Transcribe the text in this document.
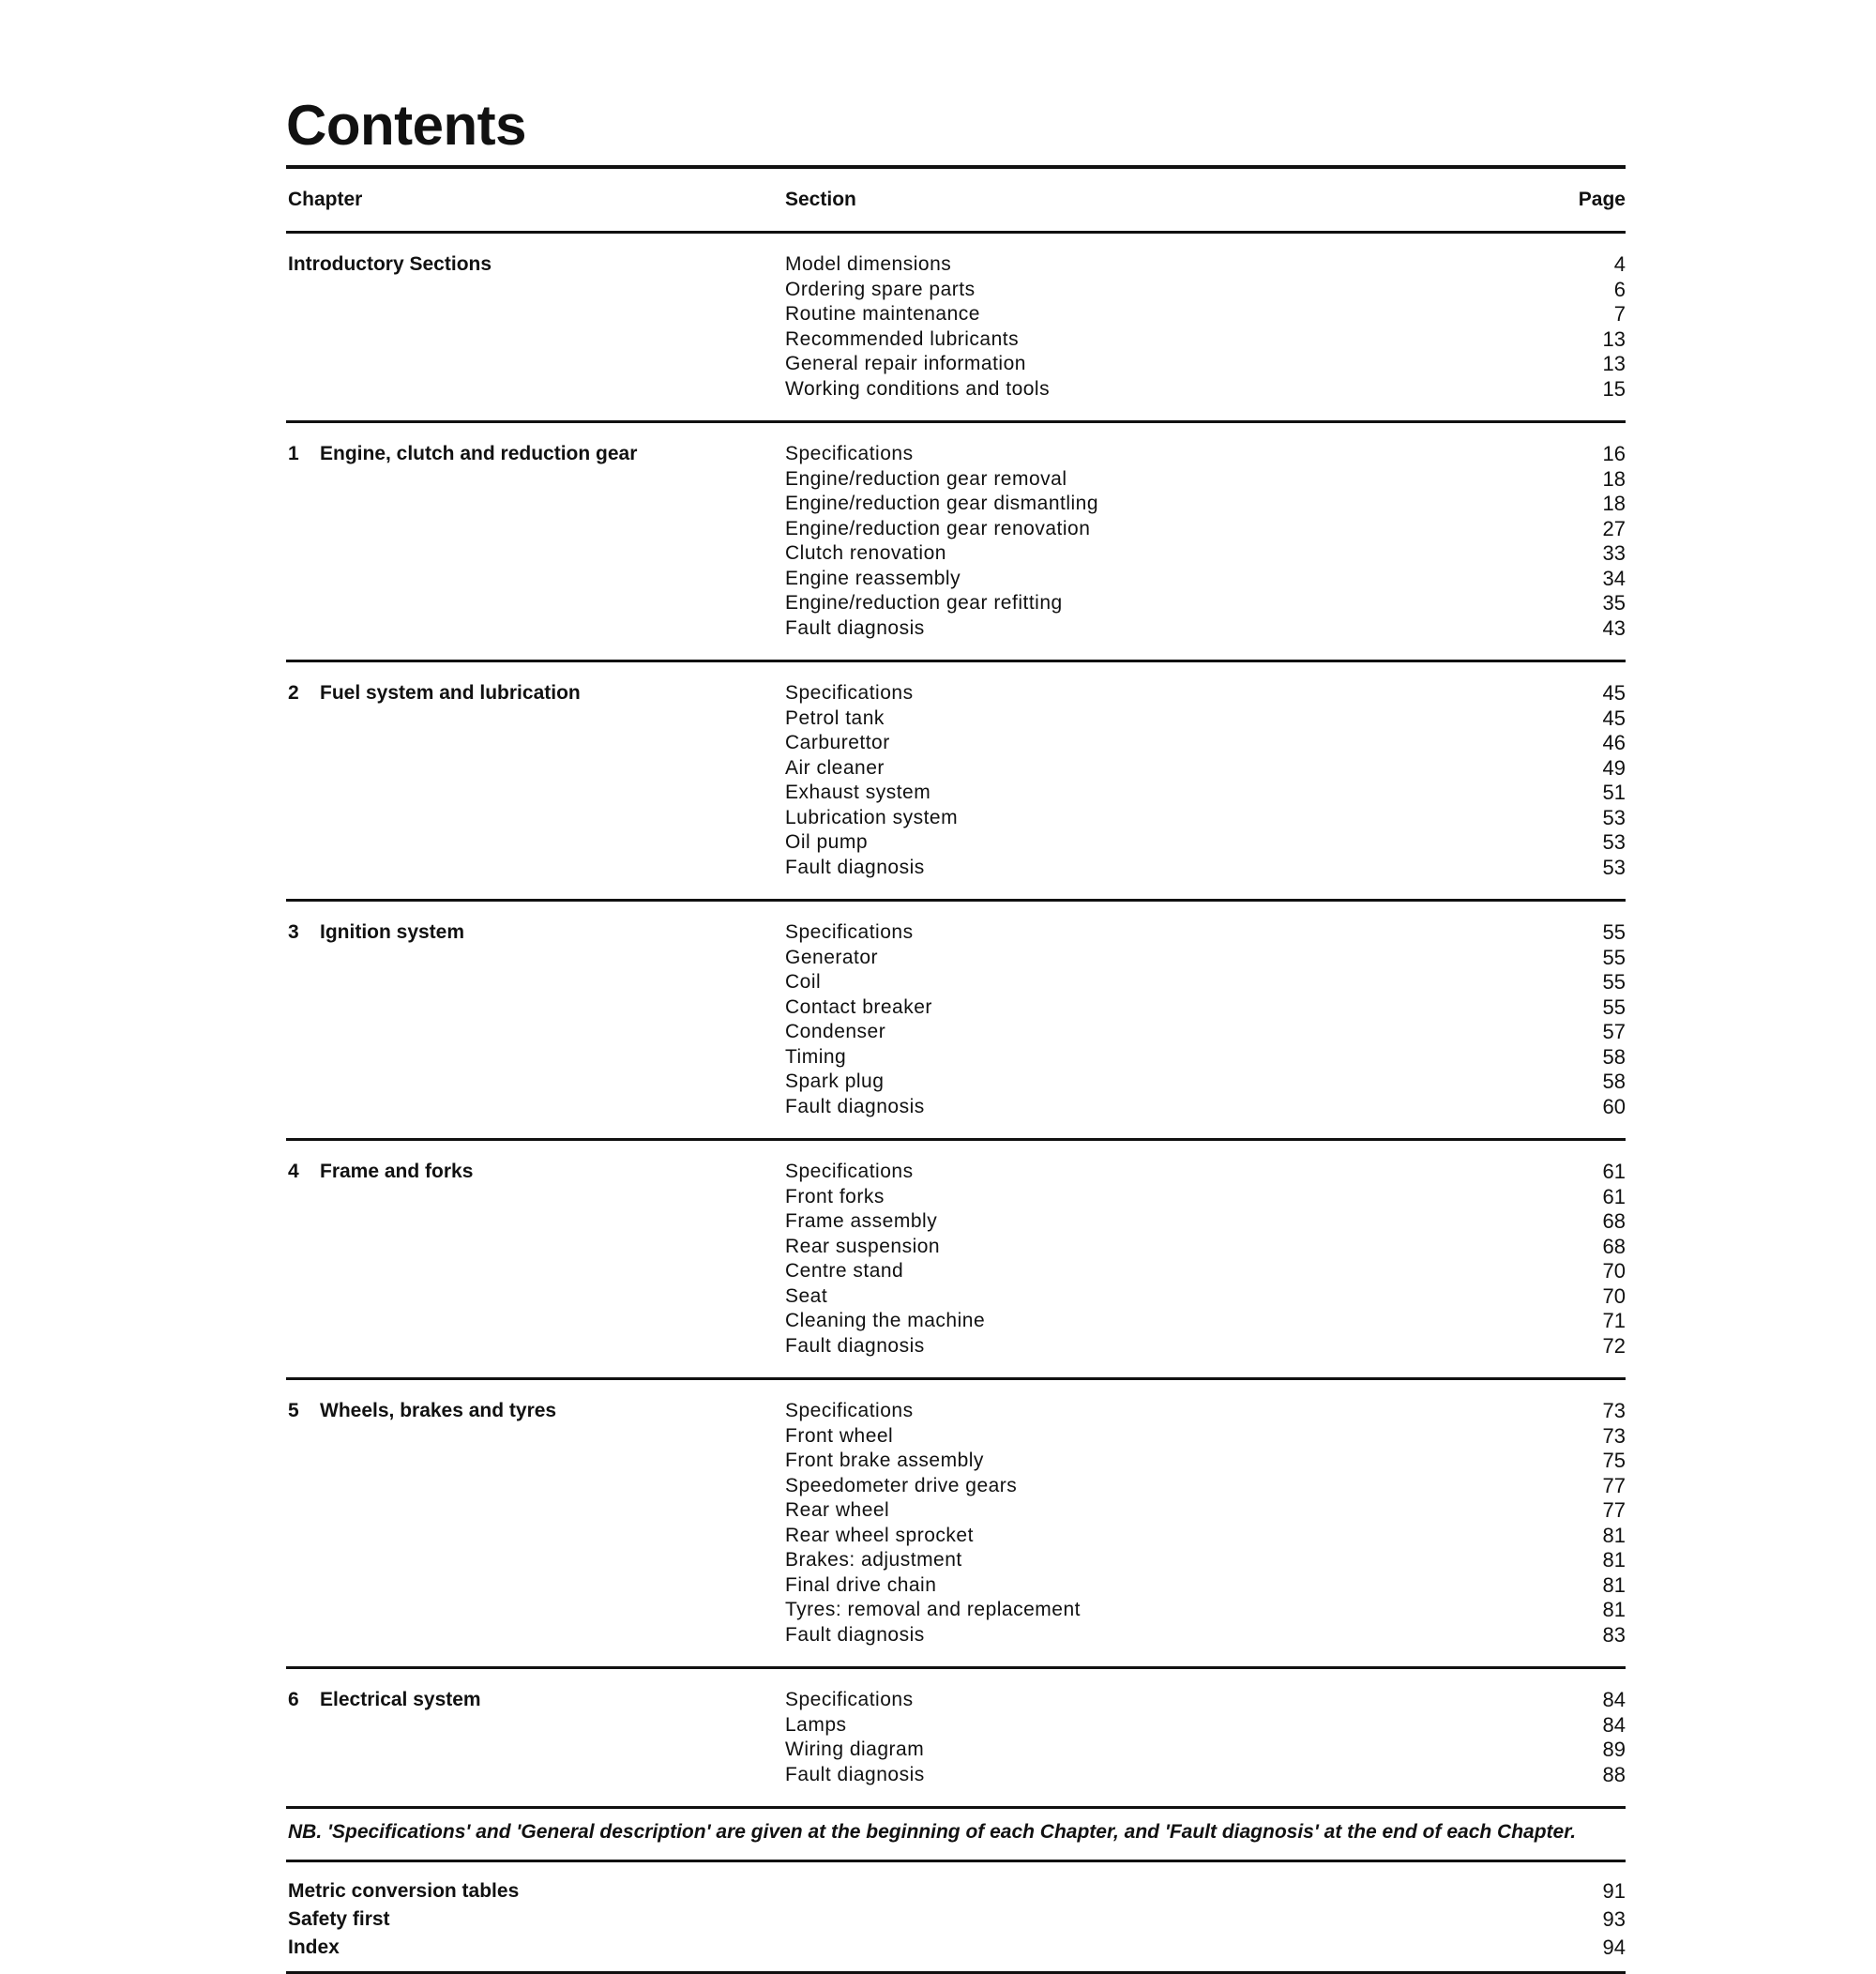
Contents
Chapter	Section	Page
Introductory Sections	Model dimensions	4
Ordering spare parts	6
Routine maintenance	7
Recommended lubricants	13
General repair information	13
Working conditions and tools	15
1 Engine, clutch and reduction gear	Specifications	16
Engine/reduction gear removal	18
Engine/reduction gear dismantling	18
Engine/reduction gear renovation	27
Clutch renovation	33
Engine reassembly	34
Engine/reduction gear refitting	35
Fault diagnosis	43
2 Fuel system and lubrication	Specifications	45
Petrol tank	45
Carburettor	46
Air cleaner	49
Exhaust system	51
Lubrication system	53
Oil pump	53
Fault diagnosis	53
3 Ignition system	Specifications	55
Generator	55
Coil	55
Contact breaker	55
Condenser	57
Timing	58
Spark plug	58
Fault diagnosis	60
4 Frame and forks	Specifications	61
Front forks	61
Frame assembly	68
Rear suspension	68
Centre stand	70
Seat	70
Cleaning the machine	71
Fault diagnosis	72
5 Wheels, brakes and tyres	Specifications	73
Front wheel	73
Front brake assembly	75
Speedometer drive gears	77
Rear wheel	77
Rear wheel sprocket	81
Brakes: adjustment	81
Final drive chain	81
Tyres: removal and replacement	81
Fault diagnosis	83
6 Electrical system	Specifications	84
Lamps	84
Wiring diagram	89
Fault diagnosis	88
NB. 'Specifications' and 'General description' are given at the beginning of each Chapter, and 'Fault diagnosis' at the end of each Chapter.
Metric conversion tables	91
Safety first	93
Index	94
